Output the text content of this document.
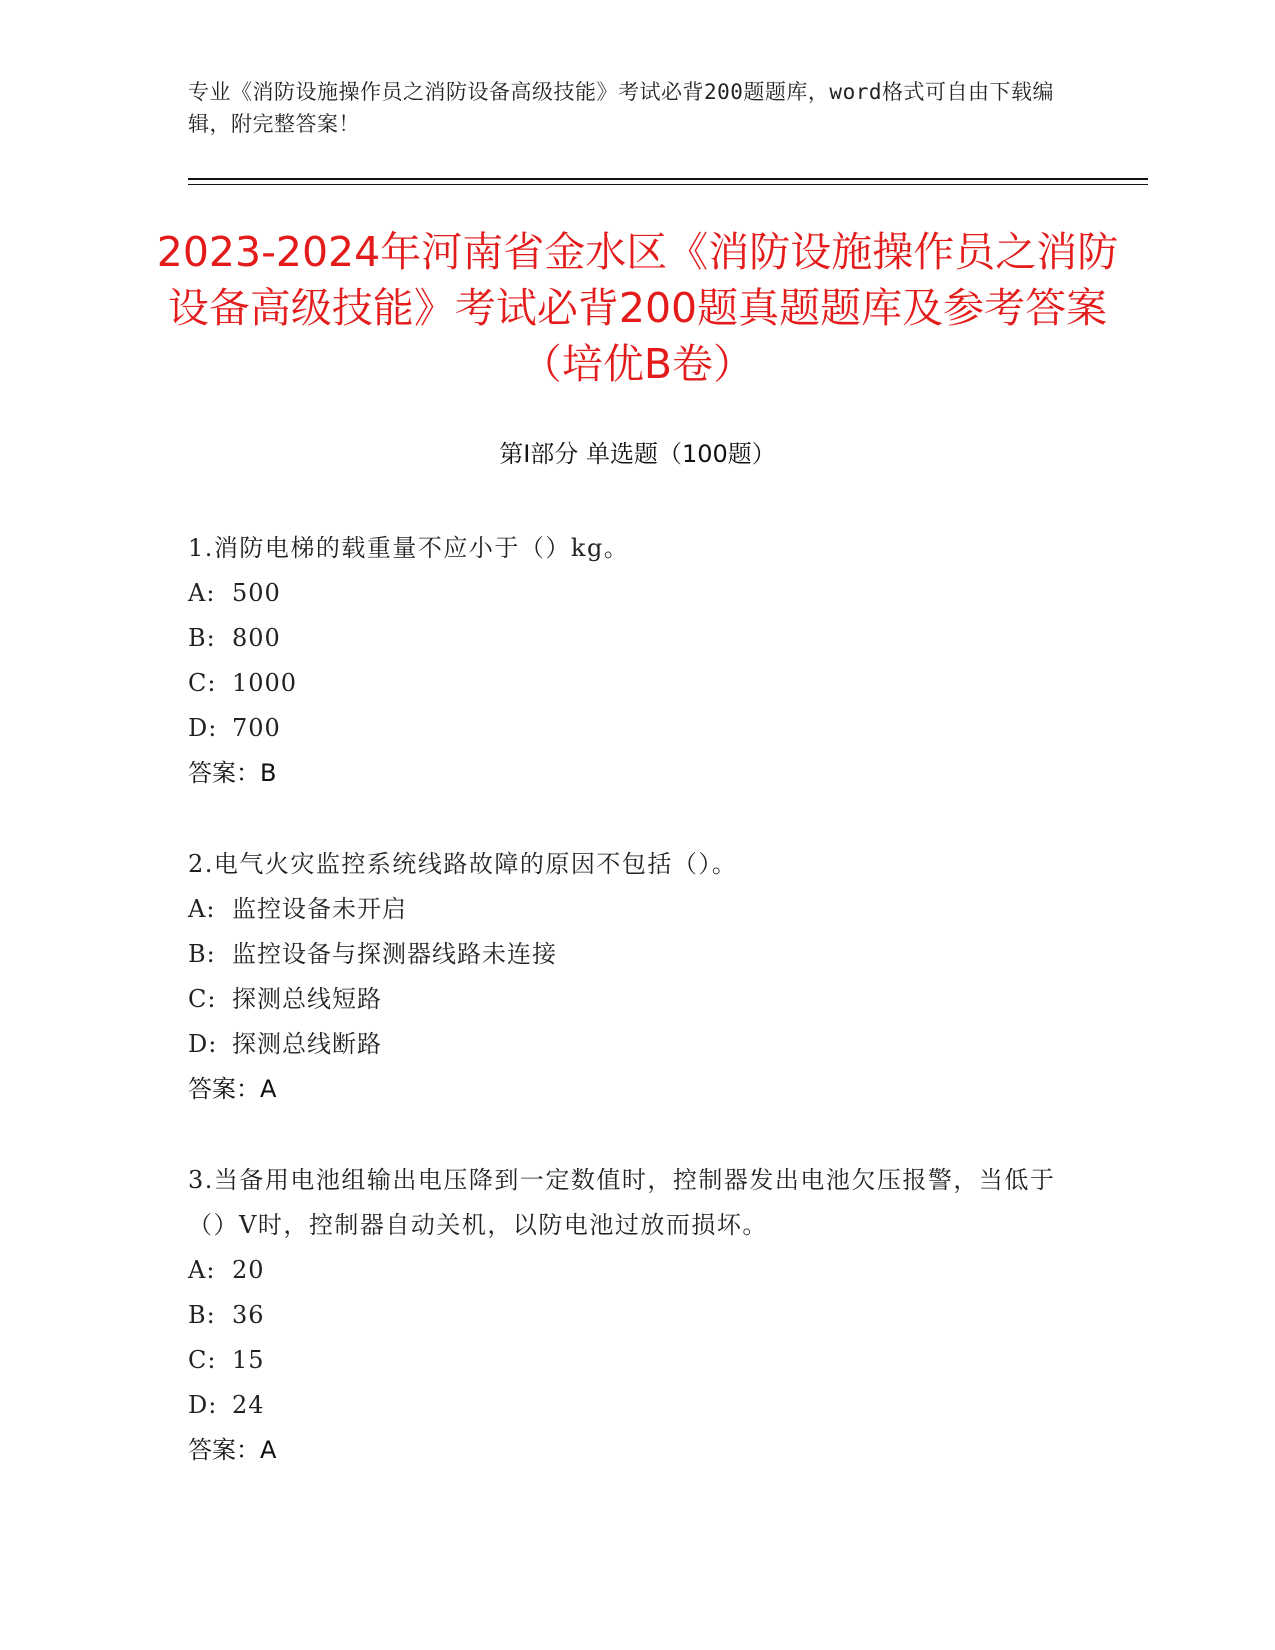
专业《消防设施操作员之消防设备高级技能》考试必背200题题库，word格式可自由下载编辑，附完整答案！
2023-2024年河南省金水区《消防设施操作员之消防设备高级技能》考试必背200题真题题库及参考答案（培优B卷）
第Ⅰ部分 单选题（100题）
1.消防电梯的载重量不应小于（）kg。
A: 500
B: 800
C: 1000
D: 700
答案：B
2.电气火灾监控系统线路故障的原因不包括（）。
A: 监控设备未开启
B: 监控设备与探测器线路未连接
C: 探测总线短路
D: 探测总线断路
答案：A
3.当备用电池组输出电压降到一定数值时，控制器发出电池欠压报警，当低于（）V时，控制器自动关机，以防电池过放而损坏。
A: 20
B: 36
C: 15
D: 24
答案：A
